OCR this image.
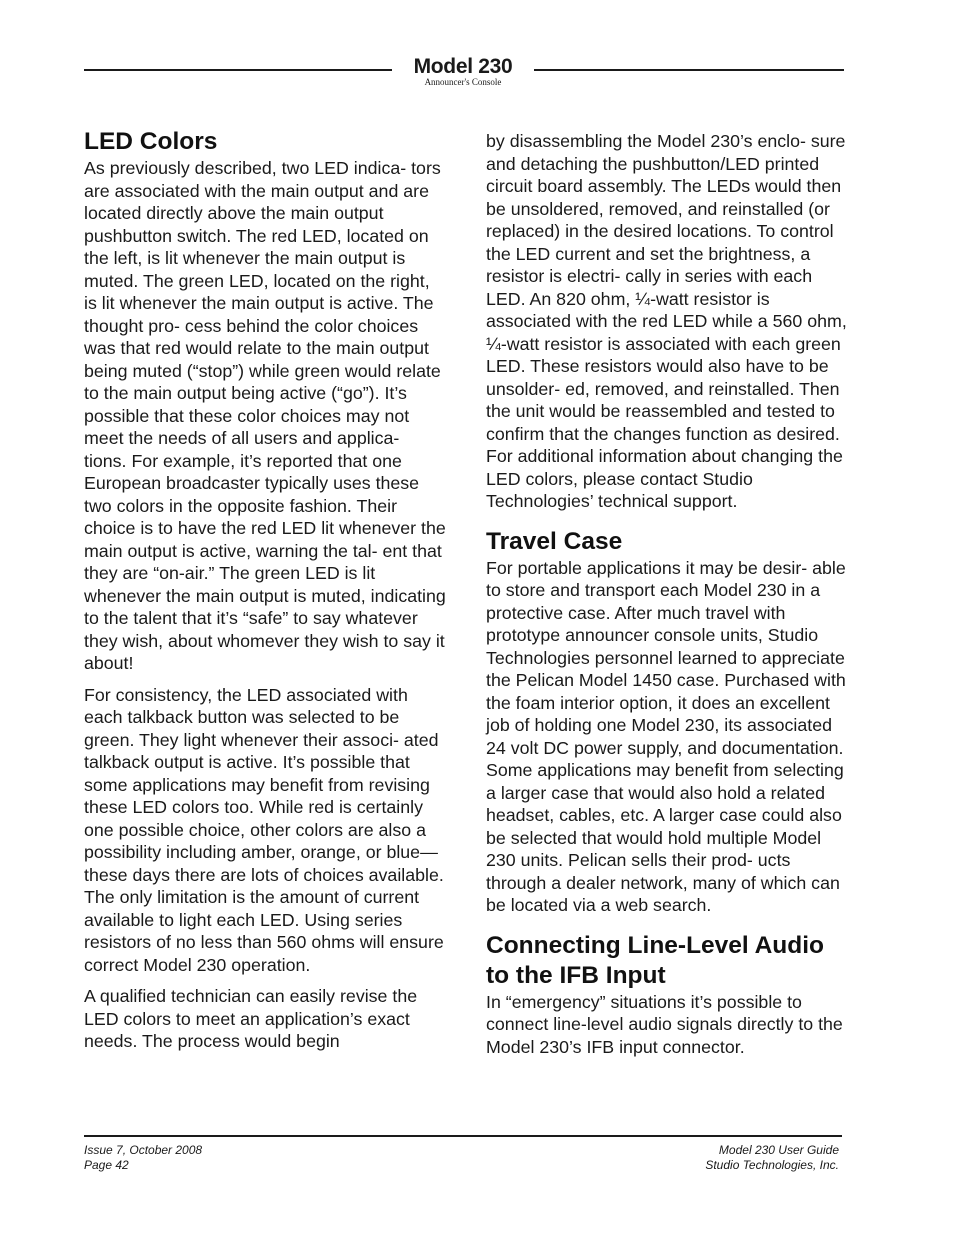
Model 230
Announcer's Console
LED Colors

As previously described, two LED indica- tors are associated with the main output and are located directly above the main output pushbutton switch. The red LED, located on the left, is lit whenever the main output is muted. The green LED, located on the right, is lit whenever the main output is active. The thought pro- cess behind the color choices was that red would relate to the main output being muted (“stop”) while green would relate to the main output being active (“go”). It’s possible that these color choices may not meet the needs of all users and applica- tions. For example, it’s reported that one European broadcaster typically uses these two colors in the opposite fashion. Their choice is to have the red LED lit whenever the main output is active, warning the tal- ent that they are “on-air.” The green LED is lit whenever the main output is muted, indicating to the talent that it’s “safe” to say whatever they wish, about whomever they wish to say it about!

For consistency, the LED associated with each talkback button was selected to be green. They light whenever their associ- ated talkback output is active. It’s possible that some applications may benefit from revising these LED colors too. While red is certainly one possible choice, other colors are also a possibility including amber, orange, or blue—these days there are lots of choices available. The only limitation is the amount of current available to light each LED. Using series resistors of no less than 560 ohms will ensure correct Model 230 operation.

A qualified technician can easily revise the LED colors to meet an application’s exact needs. The process would begin

by disassembling the Model 230’s enclo- sure and detaching the pushbutton/LED printed circuit board assembly. The LEDs would then be unsoldered, removed, and reinstalled (or replaced) in the desired locations. To control the LED current and set the brightness, a resistor is electri- cally in series with each LED. An 820 ohm, ¼-watt resistor is associated with the red LED while a 560 ohm, ¼-watt resistor is associated with each green LED. These resistors would also have to be unsolder- ed, removed, and reinstalled. Then the unit would be reassembled and tested to confirm that the changes function as desired. For additional information about changing the LED colors, please contact Studio Technologies’ technical support.

Travel Case

For portable applications it may be desir- able to store and transport each Model 230 in a protective case. After much travel with prototype announcer console units, Studio Technologies personnel learned to appreciate the Pelican Model 1450 case. Purchased with the foam interior option, it does an excellent job of holding one Model 230, its associated 24 volt DC power supply, and documentation. Some applications may benefit from selecting a larger case that would also hold a related headset, cables, etc. A larger case could also be selected that would hold multiple Model 230 units. Pelican sells their prod- ucts through a dealer network, many of which can be located via a web search.

Connecting Line-Level Audio to the IFB Input

In “emergency” situations it’s possible to connect line-level audio signals directly to the Model 230’s IFB input connector.

Issue 7, October 2008
Page 42
Model 230 User Guide
Studio Technologies, Inc.
